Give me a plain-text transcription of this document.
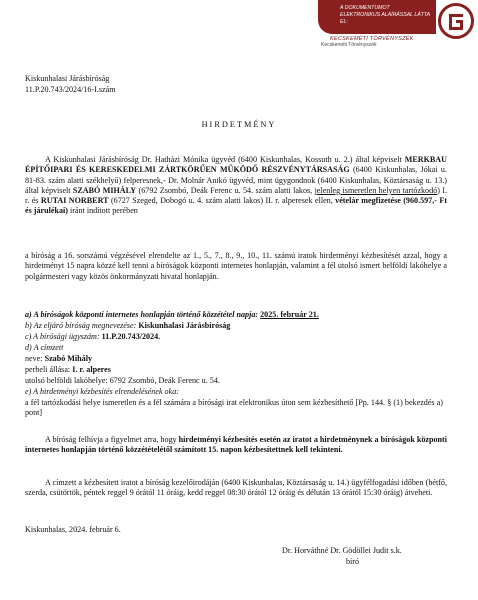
A DOKUMENTUMOT
ELEKTRONIKUS ALÁÍRÁSSAL LÁTTA EL:
KECSKEMÉTI TÖRVÉNYSZÉK
Kecskeméti Törvényszék
Kiskunhalasi Járásbíróság
11.P.20.743/2024/16-I.szám
HIRDETMÉNY
A Kiskunhalasi Járásbíróság Dr. Hatházi Mónika ügyvéd (6400 Kiskunhalas, Kossuth u. 2.) által képviselt MERKBAU ÉPÍTŐIPARI ÉS KERESKEDELMI ZÁRTKÖRŰEN MŰKÖDŐ RÉSZVÉNYTÁRSASÁG (6400 Kiskunhalas, Jókai u. 81-83. szám alatti székhelyű) felperesnek,- Dr. Molnár Anikó ügyvéd, mint ügygondnok (6400 Kiskunhalas, Köztársaság u. 13.) által képviselt SZABÓ MIHÁLY (6792 Zsombó, Deák Ferenc u. 54. szám alatti lakos, jelenleg ismeretlen helyen tartózkodó) I. r. és RUTAI NORBERT (6727 Szeged, Dobogó u. 4. szám alatti lakos) II. r. alperesek ellen, vételár megfizetése (960.597,- Ft és járulékai) iránt indított perében
a bíróság a 16. sorszámú végzésével elrendelte az 1., 5., 7., 8., 9., 10., 11. számú iratok hirdetményi kézbesítését azzal, hogy a hirdetményt 15 napra közzé kell tenni a bíróságok központi internetes honlapján, valamint a fél utolsó ismert belföldi lakóhelye a polgármesteri vagy közös önkormányzati hivatal honlapján.
a) A bíróságok központi internetes honlapján történő közzététel napja: 2025. február 21.
b) Az eljáró bíróság megnevezése: Kiskunhalasi Járásbíróság
c) A bírósági ügyszám: 11.P.20.743/2024.
d) A címzett
neve: Szabó Mihály
perbeli állása: I. r. alperes
utolsó belföldi lakóhelye: 6792 Zsombó, Deák Ferenc u. 54.
e) A hirdetményi kézbesítés elrendelésének oka:
a fél tartózkodási helye ismeretlen és a fél számára a bírósági irat elektronikus úton sem kézbesíthető [Pp. 144. § (1) bekezdés a) pont]
A bíróság felhívja a figyelmet arra, hogy hirdetményi kézbesítés esetén az iratot a hirdetménynek a bíróságok központi internetes honlapján történő közzétételétől számított 15. napon kézbesítettnek kell tekinteni.
A címzett a kézbesített iratot a bíróság kezelőirodáján (6400 Kiskunhalas, Köztársaság u. 14.) ügyfélfogadási időben (hétfő, szerda, csütörtök, péntek reggel 9 órától 11 óráig, kedd reggel 08:30 órától 12 óráig és délután 13 órától 15:30 óráig) átveheti.
Kiskunhalas, 2024. február 6.
Dr. Horváthné Dr. Gödöllei Judit s.k.
bíró
